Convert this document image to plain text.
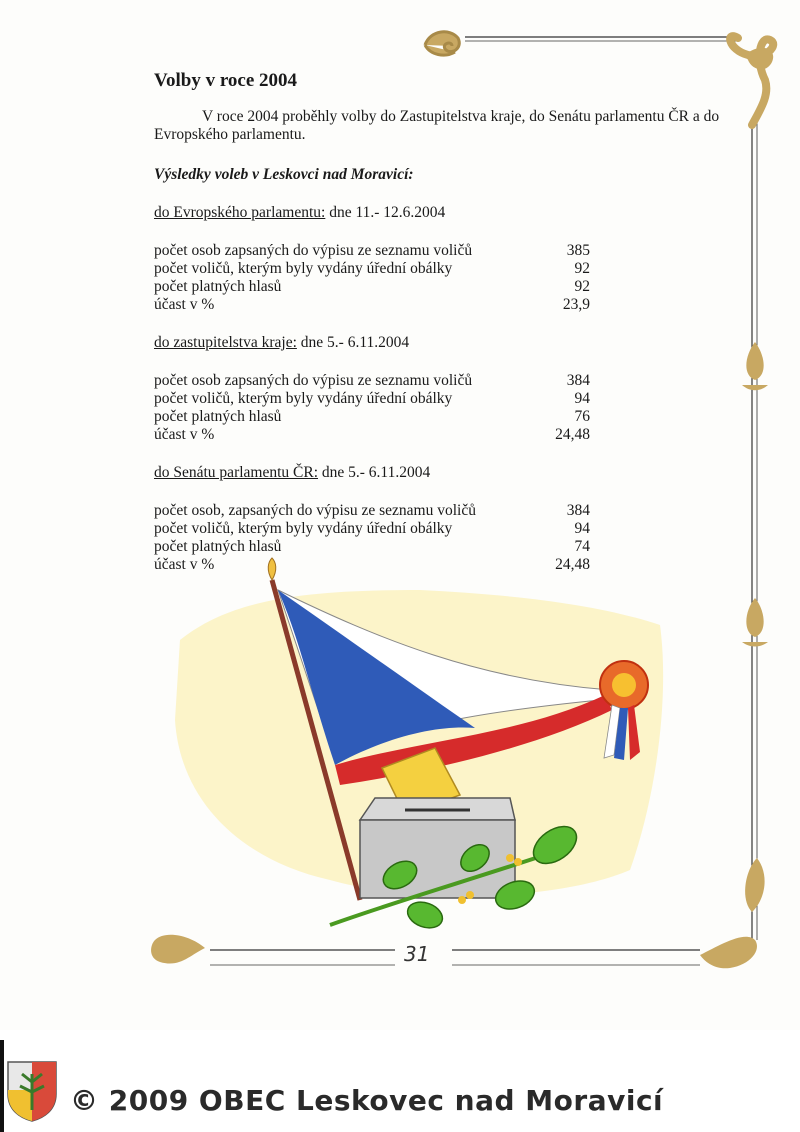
Volby v roce 2004

V roce 2004 proběhly volby do Zastupitelstva kraje, do Senátu parlamentu ČR a do Evropského parlamentu.

Výsledky voleb v Leskovci nad Moravicí:

do Evropského parlamentu: dne 11.- 12.6.2004

počet osob zapsaných do výpisu ze seznamu voličů	385
počet voličů, kterým byly vydány úřední obálky	92
počet platných hlasů	92
účast v %	23,9

do zastupitelstva kraje: dne 5.- 6.11.2004

počet osob zapsaných do výpisu ze seznamu voličů	384
počet voličů, kterým byly vydány úřední obálky	94
počet platných hlasů	76
účast v %	24,48

do Senátu parlamentu ČR: dne 5.- 6.11.2004

počet osob, zapsaných do výpisu ze seznamu voličů	384
počet voličů, kterým byly vydány úřední obálky	94
počet platných hlasů	74
účast v %	24,48
31
© 2009 OBEC Leskovec nad Moravicí
